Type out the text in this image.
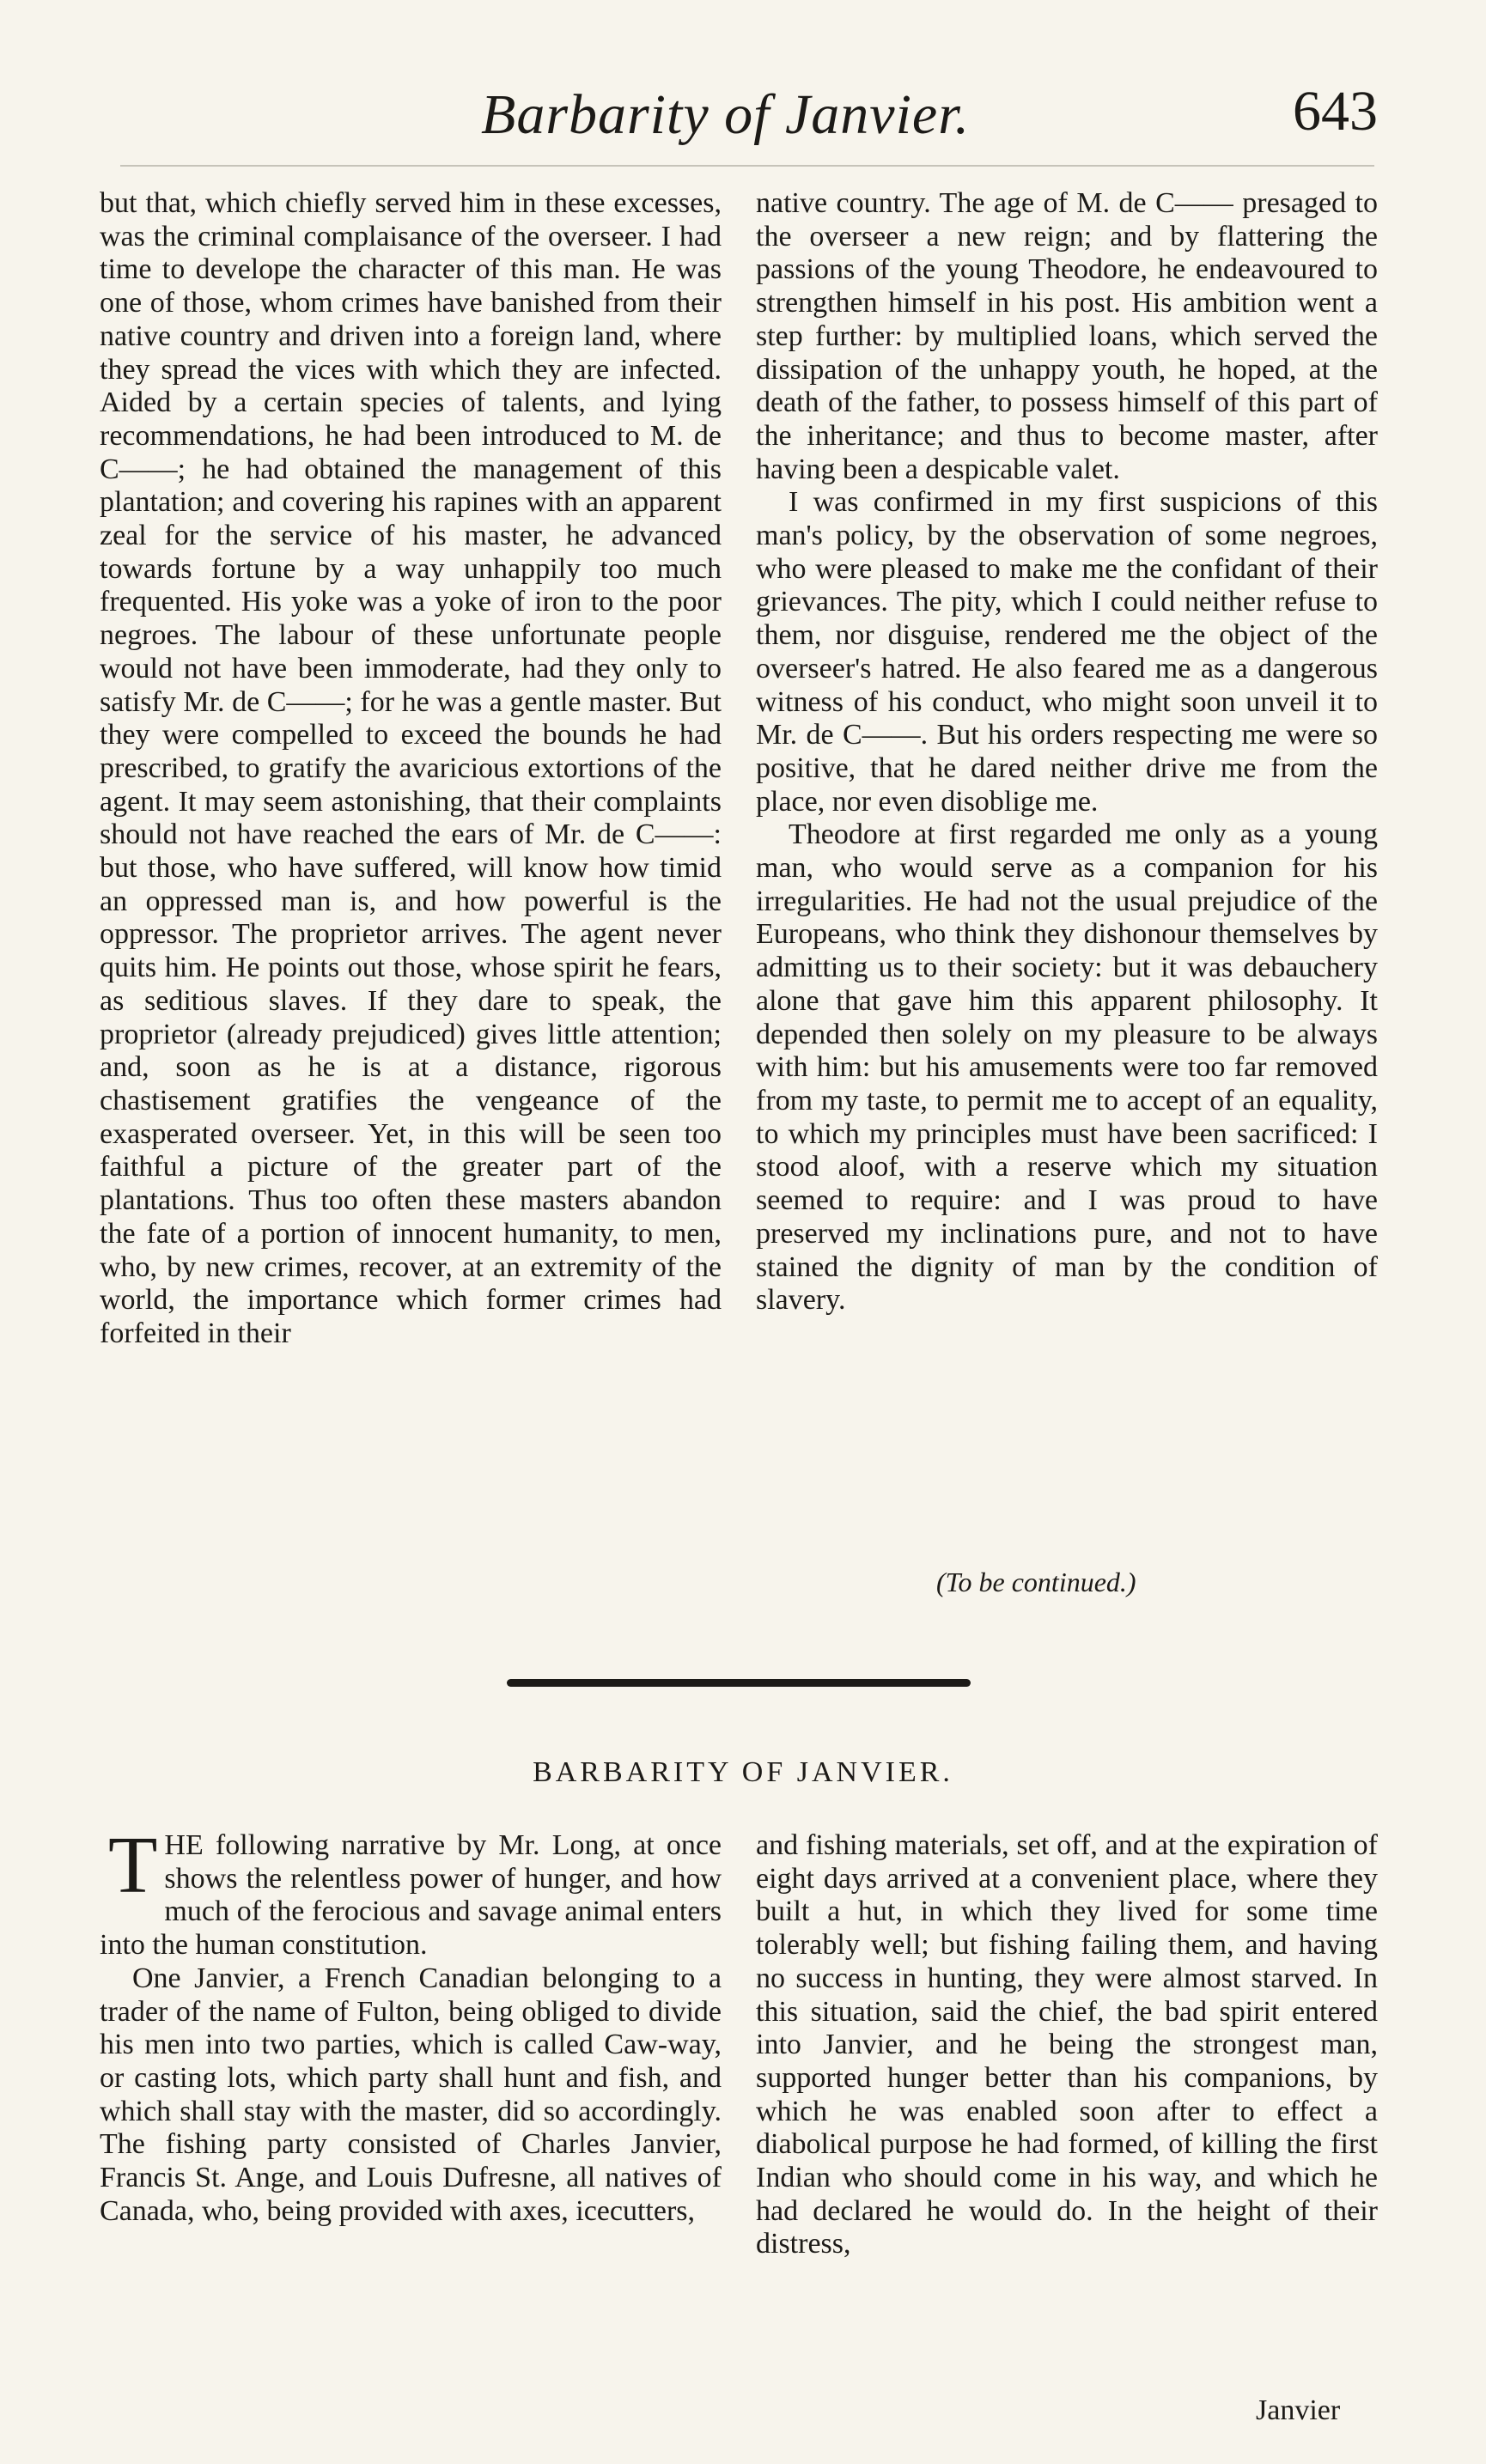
Barbarity of Janvier.	643

but that, which chiefly served him in these excesses, was the criminal complaisance of the overseer. I had time to develope the character of this man. He was one of those, whom crimes have banished from their native country and driven into a foreign land, where they spread the vices with which they are infected. Aided by a certain species of talents, and lying recommendations, he had been introduced to M. de C——; he had obtained the management of this plantation; and covering his rapines with an apparent zeal for the service of his master, he advanced towards fortune by a way unhappily too much frequented. His yoke was a yoke of iron to the poor negroes. The labour of these unfortunate people would not have been immoderate, had they only to satisfy Mr. de C——; for he was a gentle master. But they were compelled to exceed the bounds he had prescribed, to gratify the avaricious extortions of the agent. It may seem astonishing, that their complaints should not have reached the ears of Mr. de C——: but those, who have suffered, will know how timid an oppressed man is, and how powerful is the oppressor. The proprietor arrives. The agent never quits him. He points out those, whose spirit he fears, as seditious slaves. If they dare to speak, the proprietor (already prejudiced) gives little attention; and, soon as he is at a distance, rigorous chastisement gratifies the vengeance of the exasperated overseer. Yet, in this will be seen too faithful a picture of the greater part of the plantations. Thus too often these masters abandon the fate of a portion of innocent humanity, to men, who, by new crimes, recover, at an extremity of the world, the importance which former crimes had forfeited in their

native country. The age of M. de C—— presaged to the overseer a new reign; and by flattering the passions of the young Theodore, he endeavoured to strengthen himself in his post. His ambition went a step further: by multiplied loans, which served the dissipation of the unhappy youth, he hoped, at the death of the father, to possess himself of this part of the inheritance; and thus to become master, after having been a despicable valet.

I was confirmed in my first suspicions of this man's policy, by the observation of some negroes, who were pleased to make me the confidant of their grievances. The pity, which I could neither refuse to them, nor disguise, rendered me the object of the overseer's hatred. He also feared me as a dangerous witness of his conduct, who might soon unveil it to Mr. de C——. But his orders respecting me were so positive, that he dared neither drive me from the place, nor even disoblige me.

Theodore at first regarded me only as a young man, who would serve as a companion for his irregularities. He had not the usual prejudice of the Europeans, who think they dishonour themselves by admitting us to their society: but it was debauchery alone that gave him this apparent philosophy. It depended then solely on my pleasure to be always with him: but his amusements were too far removed from my taste, to permit me to accept of an equality, to which my principles must have been sacrificed: I stood aloof, with a reserve which my situation seemed to require: and I was proud to have preserved my inclinations pure, and not to have stained the dignity of man by the condition of slavery.

(To be continued.)
BARBARITY OF JANVIER.

THE following narrative by Mr. Long, at once shows the relentless power of hunger, and how much of the ferocious and savage animal enters into the human constitution.

One Janvier, a French Canadian belonging to a trader of the name of Fulton, being obliged to divide his men into two parties, which is called Caw-way, or casting lots, which party shall hunt and fish, and which shall stay with the master, did so accordingly. The fishing party consisted of Charles Janvier, Francis St. Ange, and Louis Dufresne, all natives of Canada, who, being provided with axes, icecutters,

and fishing materials, set off, and at the expiration of eight days arrived at a convenient place, where they built a hut, in which they lived for some time tolerably well; but fishing failing them, and having no success in hunting, they were almost starved. In this situation, said the chief, the bad spirit entered into Janvier, and he being the strongest man, supported hunger better than his companions, by which he was enabled soon after to effect a diabolical purpose he had formed, of killing the first Indian who should come in his way, and which he had declared he would do. In the height of their distress,

Janvier
